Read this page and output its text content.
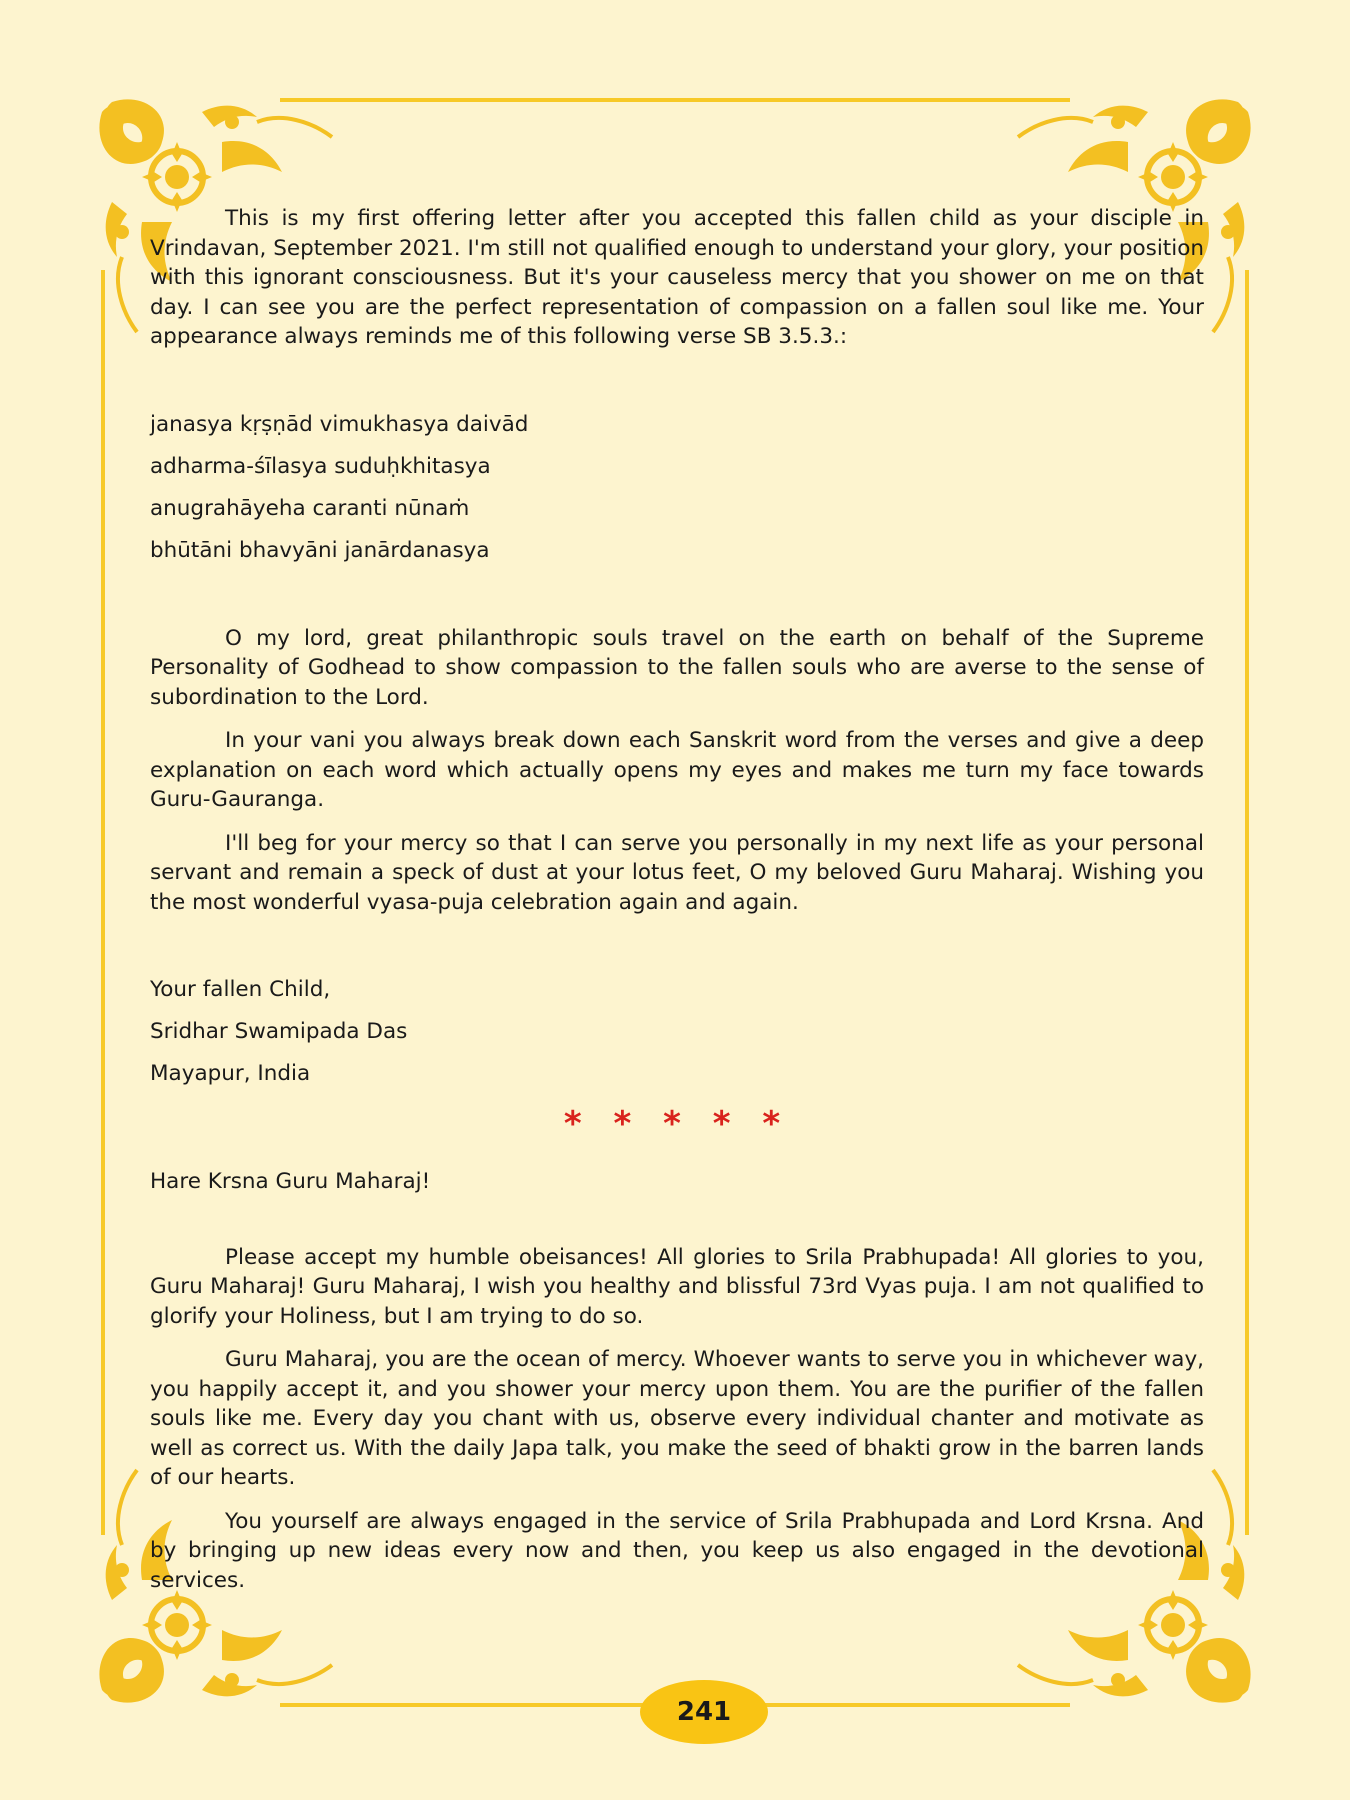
This is my first offering letter after you accepted this fallen child as your disciple in Vrindavan, September 2021. I'm still not qualified enough to understand your glory, your position with this ignorant consciousness. But it's your causeless mercy that you shower on me on that day. I can see you are the perfect representation of compassion on a fallen soul like me. Your appearance always reminds me of this following verse SB 3.5.3.:

janasya kṛṣṇād vimukhasya daivād

adharma-śīlasya suduḥkhitasya

anugrahāyeha caranti nūnaṁ

bhūtāni bhavyāni janārdanasya

O my lord, great philanthropic souls travel on the earth on behalf of the Supreme Personality of Godhead to show compassion to the fallen souls who are averse to the sense of subordination to the Lord.

In your vani you always break down each Sanskrit word from the verses and give a deep explanation on each word which actually opens my eyes and makes me turn my face towards Guru-Gauranga.

I'll beg for your mercy so that I can serve you personally in my next life as your personal servant and remain a speck of dust at your lotus feet, O my beloved Guru Maharaj. Wishing you the most wonderful vyasa-puja celebration again and again.

Your fallen Child,

Sridhar Swamipada Das

Mayapur, India

* * * * *

Hare Krsna Guru Maharaj!

Please accept my humble obeisances! All glories to Srila Prabhupada! All glories to you, Guru Maharaj! Guru Maharaj, I wish you healthy and blissful 73rd Vyas puja. I am not qualified to glorify your Holiness, but I am trying to do so.

Guru Maharaj, you are the ocean of mercy. Whoever wants to serve you in whichever way, you happily accept it, and you shower your mercy upon them. You are the purifier of the fallen souls like me. Every day you chant with us, observe every individual chanter and motivate as well as correct us. With the daily Japa talk, you make the seed of bhakti grow in the barren lands of our hearts.

You yourself are always engaged in the service of Srila Prabhupada and Lord Krsna. And by bringing up new ideas every now and then, you keep us also engaged in the devotional services.

241
